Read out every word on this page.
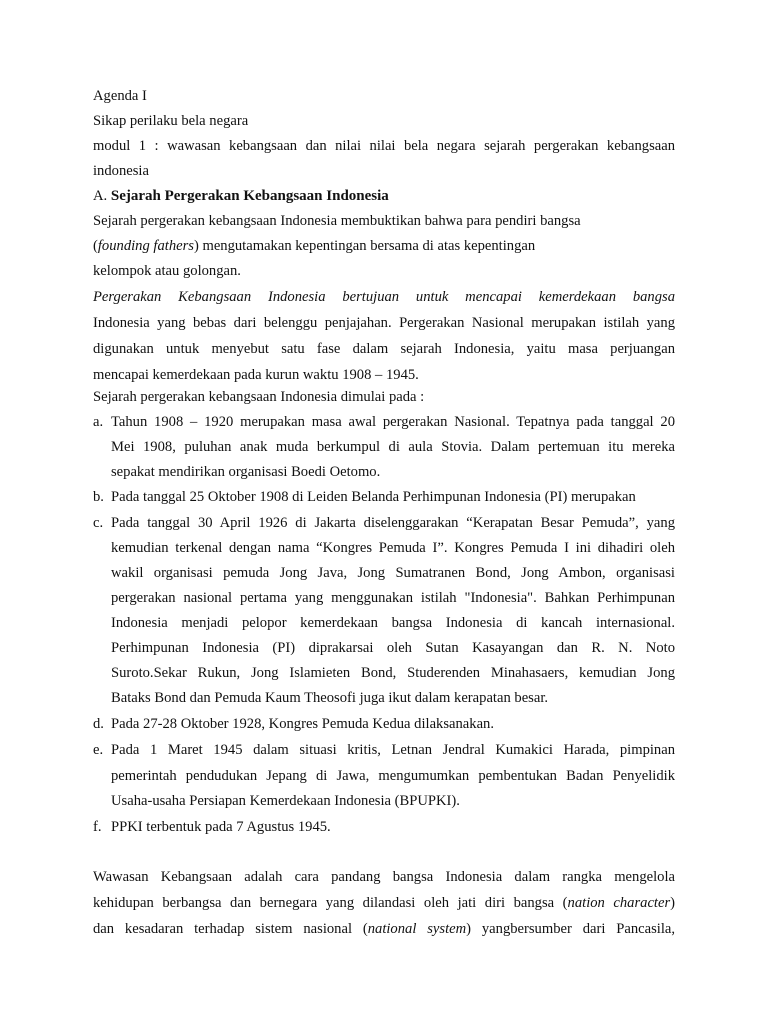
Agenda I
Sikap perilaku bela negara
modul 1 : wawasan kebangsaan dan nilai nilai bela negara sejarah pergerakan kebangsaan
indonesia
A. Sejarah Pergerakan Kebangsaan Indonesia
Sejarah pergerakan kebangsaan Indonesia membuktikan bahwa para pendiri bangsa
(founding fathers) mengutamakan kepentingan bersama di atas kepentingan
kelompok atau golongan.
Pergerakan Kebangsaan Indonesia bertujuan untuk mencapai kemerdekaan bangsa
Indonesia yang bebas dari belenggu penjajahan. Pergerakan Nasional merupakan istilah yang
digunakan untuk menyebut satu fase dalam sejarah Indonesia, yaitu masa perjuangan
mencapai kemerdekaan pada kurun waktu 1908 – 1945.
Sejarah pergerakan kebangsaan Indonesia dimulai pada :
a. Tahun 1908 – 1920 merupakan masa awal pergerakan Nasional. Tepatnya pada tanggal 20
Mei 1908, puluhan anak muda berkumpul di aula Stovia. Dalam pertemuan itu mereka
sepakat mendirikan organisasi Boedi Oetomo.
b. Pada tanggal 25 Oktober 1908 di Leiden Belanda Perhimpunan Indonesia (PI) merupakan
c. Pada tanggal 30 April 1926 di Jakarta diselenggarakan “Kerapatan Besar Pemuda”, yang
kemudian terkenal dengan nama “Kongres Pemuda I”. Kongres Pemuda I ini dihadiri oleh
wakil organisasi pemuda Jong Java, Jong Sumatranen Bond, Jong Ambon, organisasi
pergerakan nasional pertama yang menggunakan istilah "Indonesia". Bahkan Perhimpunan
Indonesia menjadi pelopor kemerdekaan bangsa Indonesia di kancah internasional.
Perhimpunan Indonesia (PI) diprakarsai oleh Sutan Kasayangan dan R. N. Noto
Suroto.Sekar Rukun, Jong Islamieten Bond, Studerenden Minahasaers, kemudian Jong
Bataks Bond dan Pemuda Kaum Theosofi juga ikut dalam kerapatan besar.
d. Pada 27-28 Oktober 1928, Kongres Pemuda Kedua dilaksanakan.
e. Pada 1 Maret 1945 dalam situasi kritis, Letnan Jendral Kumakici Harada, pimpinan
pemerintah pendudukan Jepang di Jawa, mengumumkan pembentukan Badan Penyelidik
Usaha-usaha Persiapan Kemerdekaan Indonesia (BPUPKI).
f. PPKI terbentuk pada 7 Agustus 1945.
Wawasan Kebangsaan adalah cara pandang bangsa Indonesia dalam rangka mengelola
kehidupan berbangsa dan bernegara yang dilandasi oleh jati diri bangsa (nation character)
dan kesadaran terhadap sistem nasional (national system) yangbersumber dari Pancasila,
